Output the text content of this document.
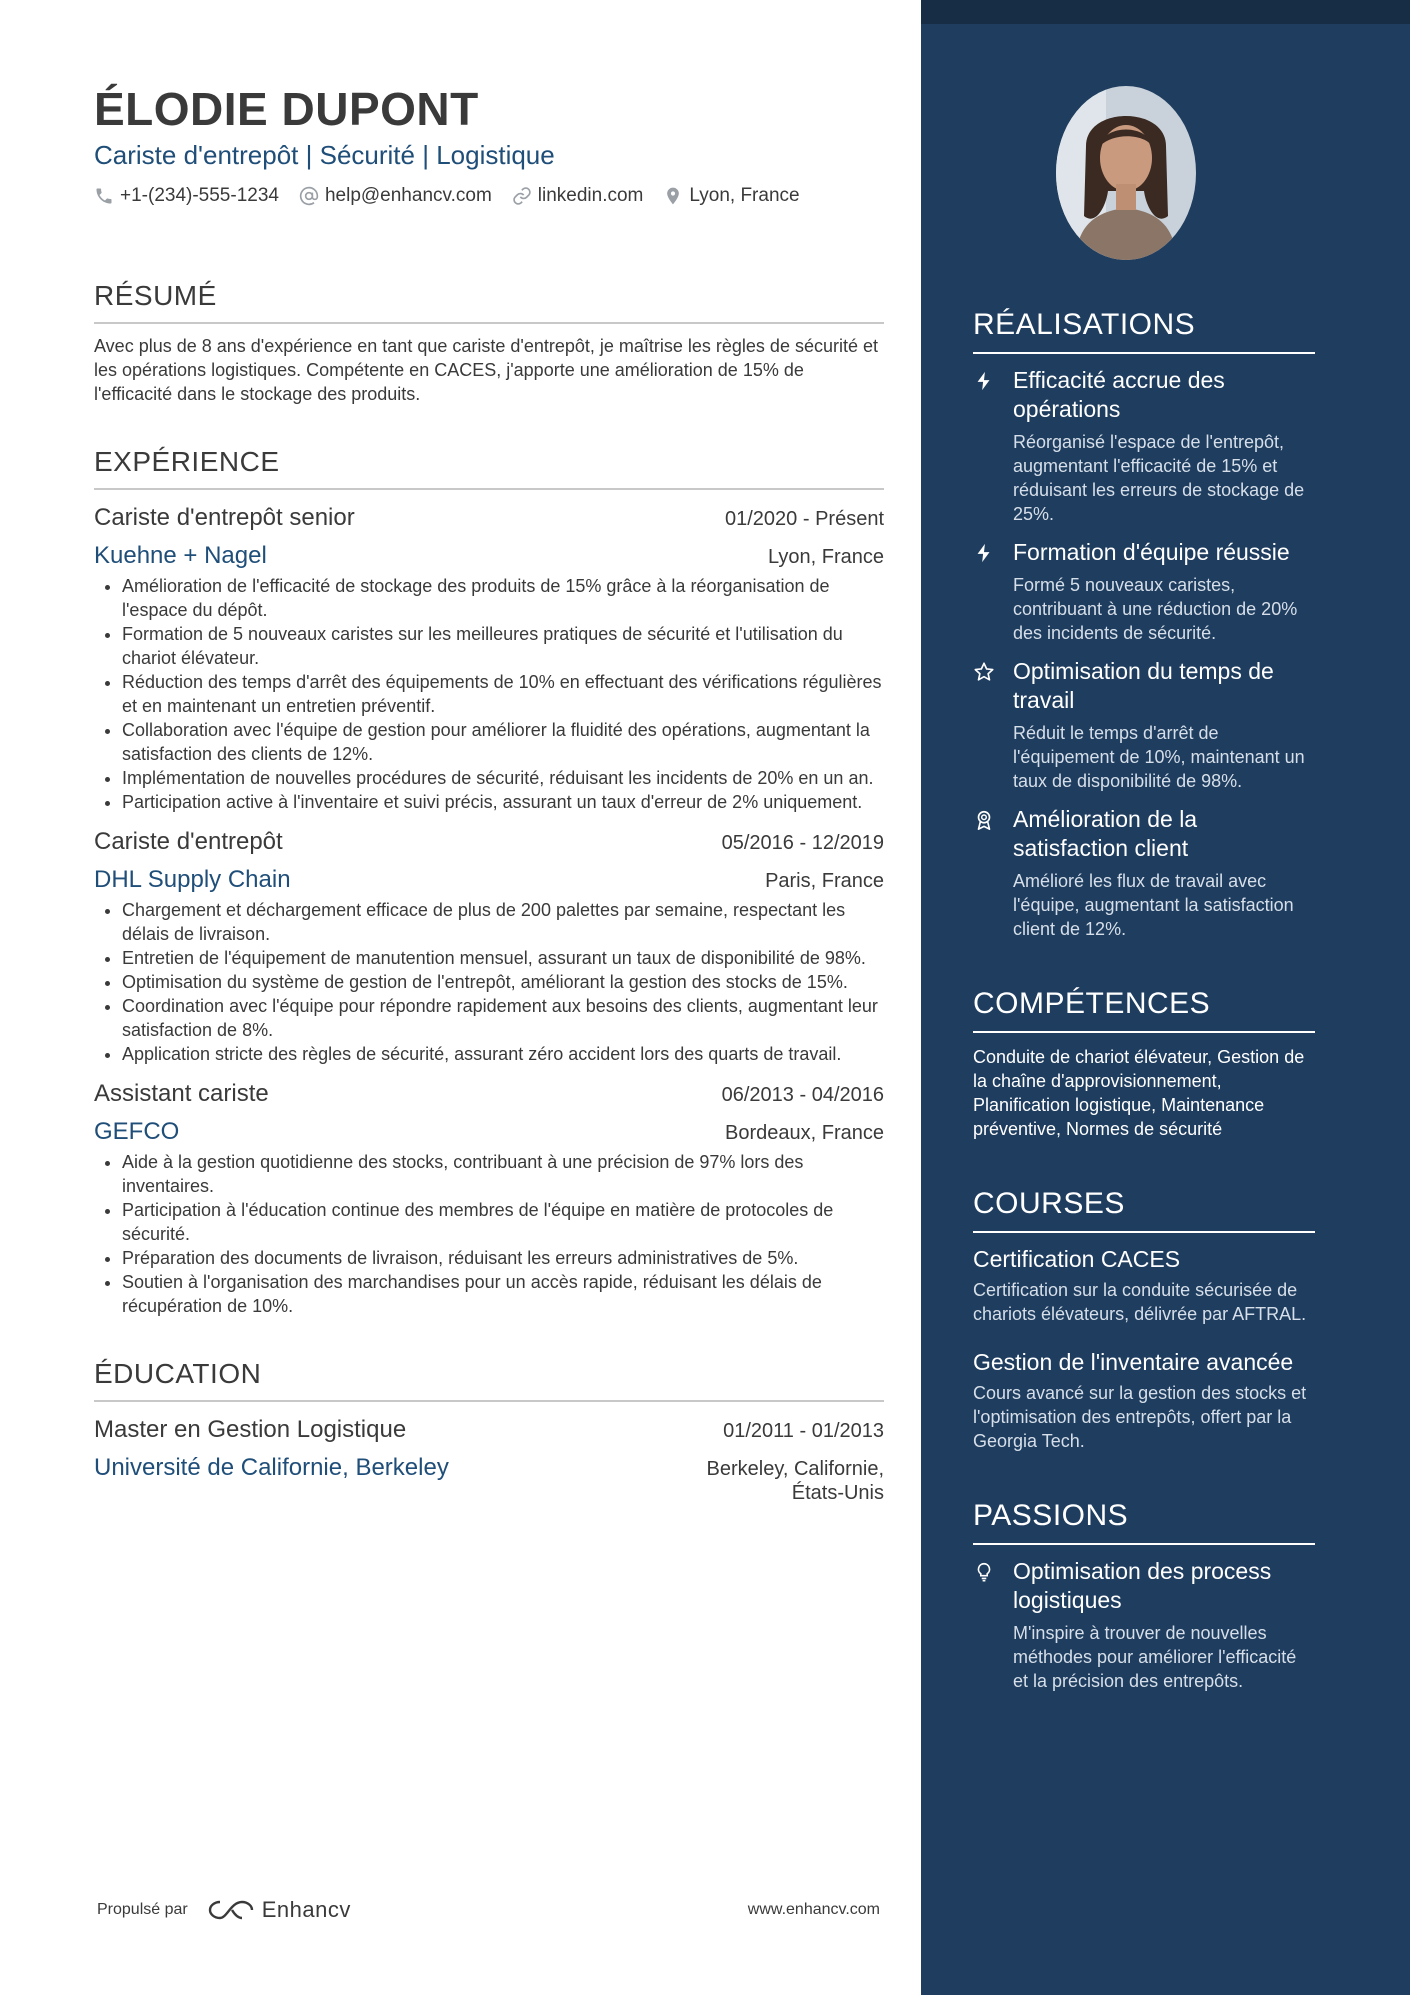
ÉLODIE DUPONT
Cariste d'entrepôt | Sécurité | Logistique
+1-(234)-555-1234 help@enhancv.com linkedin.com Lyon, France
RÉSUMÉ
Avec plus de 8 ans d'expérience en tant que cariste d'entrepôt, je maîtrise les règles de sécurité et les opérations logistiques. Compétente en CACES, j'apporte une amélioration de 15% de l'efficacité dans le stockage des produits.
EXPÉRIENCE
Cariste d'entrepôt senior	01/2020 - Présent
Kuehne + Nagel	Lyon, France
• Amélioration de l'efficacité de stockage des produits de 15% grâce à la réorganisation de l'espace du dépôt.
• Formation de 5 nouveaux caristes sur les meilleures pratiques de sécurité et l'utilisation du chariot élévateur.
• Réduction des temps d'arrêt des équipements de 10% en effectuant des vérifications régulières et en maintenant un entretien préventif.
• Collaboration avec l'équipe de gestion pour améliorer la fluidité des opérations, augmentant la satisfaction des clients de 12%.
• Implémentation de nouvelles procédures de sécurité, réduisant les incidents de 20% en un an.
• Participation active à l'inventaire et suivi précis, assurant un taux d'erreur de 2% uniquement.
Cariste d'entrepôt	05/2016 - 12/2019
DHL Supply Chain	Paris, France
• Chargement et déchargement efficace de plus de 200 palettes par semaine, respectant les délais de livraison.
• Entretien de l'équipement de manutention mensuel, assurant un taux de disponibilité de 98%.
• Optimisation du système de gestion de l'entrepôt, améliorant la gestion des stocks de 15%.
• Coordination avec l'équipe pour répondre rapidement aux besoins des clients, augmentant leur satisfaction de 8%.
• Application stricte des règles de sécurité, assurant zéro accident lors des quarts de travail.
Assistant cariste	06/2013 - 04/2016
GEFCO	Bordeaux, France
• Aide à la gestion quotidienne des stocks, contribuant à une précision de 97% lors des inventaires.
• Participation à l'éducation continue des membres de l'équipe en matière de protocoles de sécurité.
• Préparation des documents de livraison, réduisant les erreurs administratives de 5%.
• Soutien à l'organisation des marchandises pour un accès rapide, réduisant les délais de récupération de 10%.
ÉDUCATION
Master en Gestion Logistique	01/2011 - 01/2013
Université de Californie, Berkeley	Berkeley, Californie,
États-Unis
Propulsé par	Enhancv	www.enhancv.com
RÉALISATIONS
Efficacité accrue des opérations
Réorganisé l'espace de l'entrepôt, augmentant l'efficacité de 15% et réduisant les erreurs de stockage de 25%.
Formation d'équipe réussie
Formé 5 nouveaux caristes, contribuant à une réduction de 20% des incidents de sécurité.
Optimisation du temps de travail
Réduit le temps d'arrêt de l'équipement de 10%, maintenant un taux de disponibilité de 98%.
Amélioration de la satisfaction client
Amélioré les flux de travail avec l'équipe, augmentant la satisfaction client de 12%.
COMPÉTENCES
Conduite de chariot élévateur, Gestion de la chaîne d'approvisionnement, Planification logistique, Maintenance préventive, Normes de sécurité
COURSES
Certification CACES
Certification sur la conduite sécurisée de chariots élévateurs, délivrée par AFTRAL.
Gestion de l'inventaire avancée
Cours avancé sur la gestion des stocks et l'optimisation des entrepôts, offert par la Georgia Tech.
PASSIONS
Optimisation des process logistiques
M'inspire à trouver de nouvelles méthodes pour améliorer l'efficacité et la précision des entrepôts.
